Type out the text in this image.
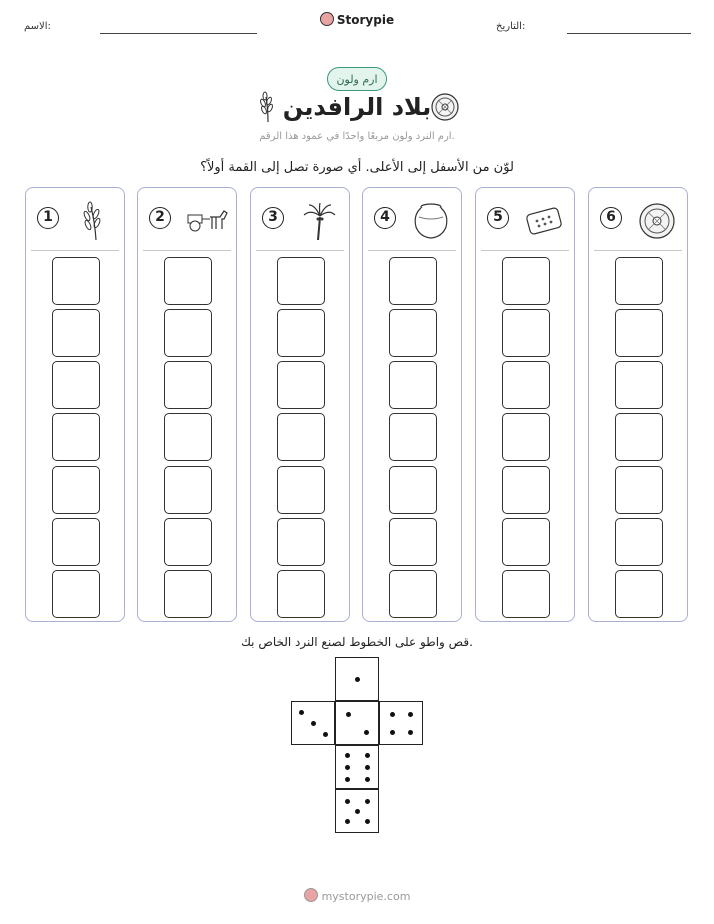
الاسم:	Storypie	التاريخ:
ارم ولون
بلاد الرافدين
ارم النرد ولون مربعًا واحدًا في عمود هذا الرقم.
لوّن من الأسفل إلى الأعلى. أي صورة تصل إلى القمة أولاً؟
1	2	3	4	5	6
قص واطو على الخطوط لصنع النرد الخاص بك.
mystorypie.com
